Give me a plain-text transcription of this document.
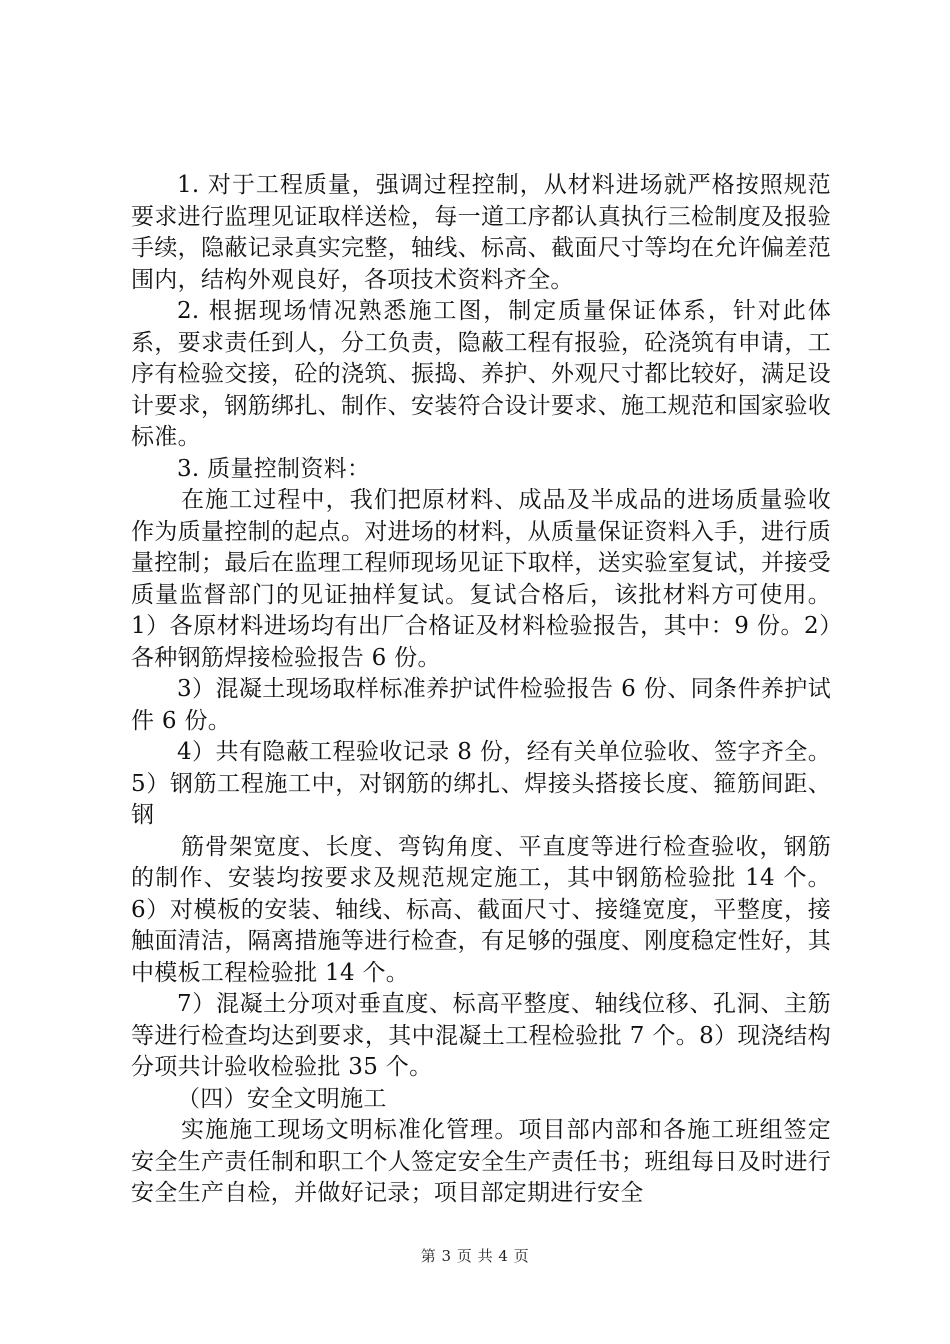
1. 对于工程质量，强调过程控制，从材料进场就严格按照规范要求进行监理见证取样送检，每一道工序都认真执行三检制度及报验手续，隐蔽记录真实完整，轴线、标高、截面尺寸等均在允许偏差范围内，结构外观良好，各项技术资料齐全。

2. 根据现场情况熟悉施工图，制定质量保证体系，针对此体系，要求责任到人，分工负责，隐蔽工程有报验，砼浇筑有申请，工序有检验交接，砼的浇筑、振捣、养护、外观尺寸都比较好，满足设计要求，钢筋绑扎、制作、安装符合设计要求、施工规范和国家验收标准。

3. 质量控制资料：

在施工过程中，我们把原材料、成品及半成品的进场质量验收作为质量控制的起点。对进场的材料，从质量保证资料入手，进行质量控制；最后在监理工程师现场见证下取样，送实验室复试，并接受质量监督部门的见证抽样复试。复试合格后，该批材料方可使用。1）各原材料进场均有出厂合格证及材料检验报告，其中：9 份。2）各种钢筋焊接检验报告 6 份。

3）混凝土现场取样标准养护试件检验报告 6 份、同条件养护试件 6 份。

4）共有隐蔽工程验收记录 8 份，经有关单位验收、签字齐全。5）钢筋工程施工中，对钢筋的绑扎、焊接头搭接长度、箍筋间距、钢

筋骨架宽度、长度、弯钩角度、平直度等进行检查验收，钢筋的制作、安装均按要求及规范规定施工，其中钢筋检验批 14 个。6）对模板的安装、轴线、标高、截面尺寸、接缝宽度，平整度，接触面清洁，隔离措施等进行检查，有足够的强度、刚度稳定性好，其中模板工程检验批 14 个。

7）混凝土分项对垂直度、标高平整度、轴线位移、孔洞、主筋等进行检查均达到要求，其中混凝土工程检验批 7 个。8）现浇结构分项共计验收检验批 35 个。

（四）安全文明施工

实施施工现场文明标准化管理。项目部内部和各施工班组签定安全生产责任制和职工个人签定安全生产责任书；班组每日及时进行安全生产自检，并做好记录；项目部定期进行安全

第 3 页 共 4 页
